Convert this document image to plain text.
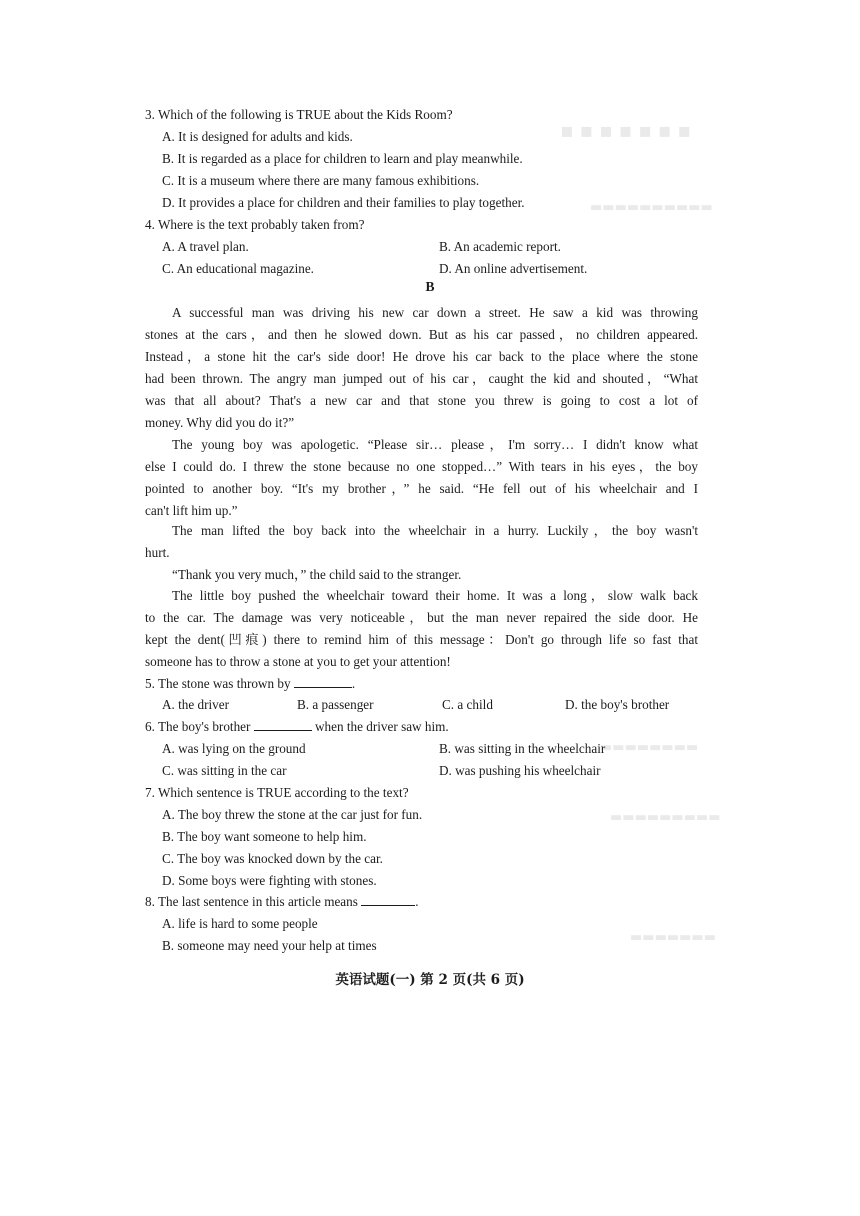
▪▪▪▪▪▪▪
▬▬▬▬▬▬▬▬▬▬
▬▬▬▬▬▬▬▬
▬▬▬▬▬▬▬▬▬
▬▬▬▬▬▬▬
3. Which of the following is TRUE about the Kids Room?
A. It is designed for adults and kids.
B. It is regarded as a place for children to learn and play meanwhile.
C. It is a museum where there are many famous exhibitions.
D. It provides a place for children and their families to play together.
4. Where is the text probably taken from?
A. A travel plan.	B. An academic report.
C. An educational magazine.	D. An online advertisement.
B
A successful man was driving his new car down a street. He saw a kid was throwing
stones at the cars，and then he slowed down. But as his car passed，no children appeared.
Instead，a stone hit the car's side door! He drove his car back to the place where the stone
had been thrown. The angry man jumped out of his car，caught the kid and shouted，“What
was that all about? That's a new car and that stone you threw is going to cost a lot of
money. Why did you do it?”
The young boy was apologetic. “Please sir… please，I'm sorry… I didn't know what
else I could do. I threw the stone because no one stopped…” With tears in his eyes，the boy
pointed to another boy. “It's my brother，” he said. “He fell out of his wheelchair and I
can't lift him up.”
The man lifted the boy back into the wheelchair in a hurry. Luckily，the boy wasn't
hurt.
“Thank you very much，” the child said to the stranger.
The little boy pushed the wheelchair toward their home. It was a long，slow walk back
to the car. The damage was very noticeable，but the man never repaired the side door. He
kept the dent(凹痕) there to remind him of this message：Don't go through life so fast that
someone has to throw a stone at you to get your attention!
5. The stone was thrown by	.
A. the driver	B. a passenger	C. a child	D. the boy's brother
6. The boy's brother	when the driver saw him.
A. was lying on the ground	B. was sitting in the wheelchair
C. was sitting in the car	D. was pushing his wheelchair
7. Which sentence is TRUE according to the text?
A. The boy threw the stone at the car just for fun.
B. The boy want someone to help him.
C. The boy was knocked down by the car.
D. Some boys were fighting with stones.
8. The last sentence in this article means	.
A. life is hard to some people
B. someone may need your help at times
英语试题(一) 第 2 页(共 6 页)
